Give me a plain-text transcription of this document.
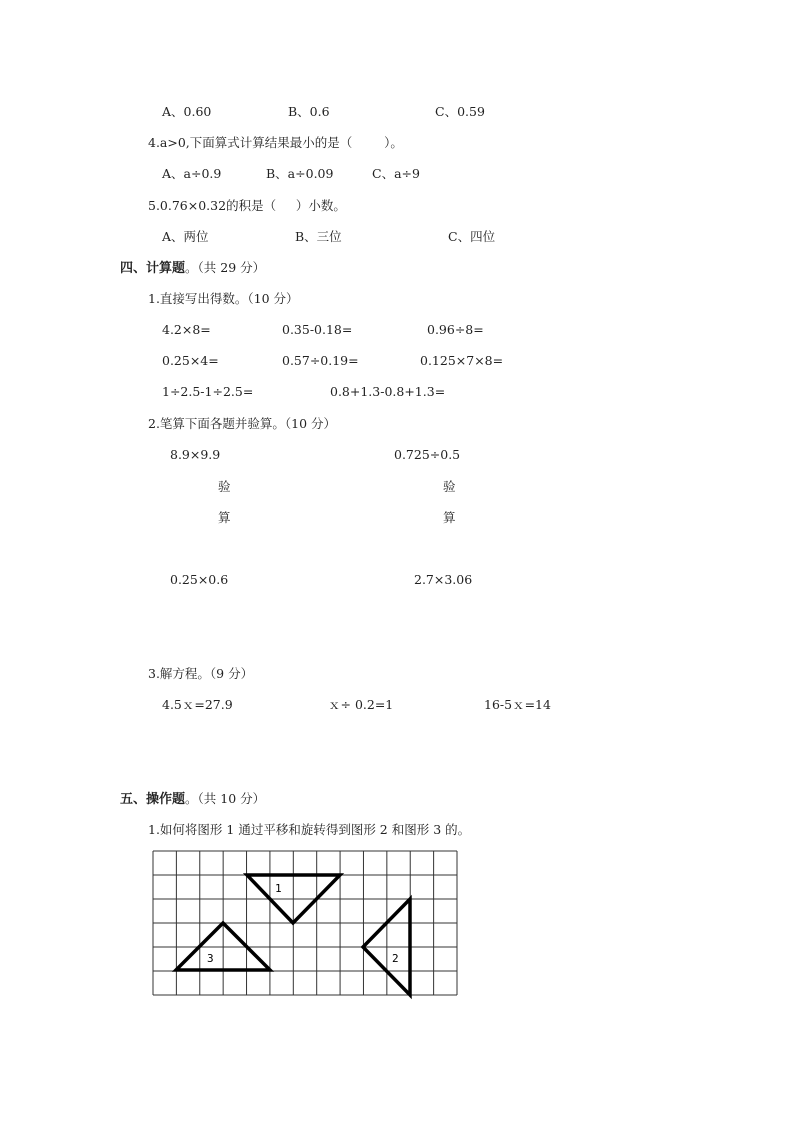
A、0.60	B、0.6	C、0.59
4.a>0,下面算式计算结果最小的是（        ）。
A、a÷0.9	B、a÷0.09	C、a÷9
5.0.76×0.32的积是（     ）小数。
A、两位	B、三位	C、四位
四、计算题。（共 29 分）
1.直接写出得数。（10 分）
4.2×8=	0.35-0.18=	0.96÷8=
0.25×4=	0.57÷0.19=	0.125×7×8=
1÷2.5-1÷2.5=	0.8+1.3-0.8+1.3=
2.笔算下面各题并验算。（10 分）
8.9×9.9	0.725÷0.5
验
算
验
算
0.25×0.6	2.7×3.06
3.解方程。（9 分）
4.5ｘ=27.9	ｘ÷ 0.2=1	16-5ｘ=14
五、操作题。（共 10 分）
1.如何将图形 1 通过平移和旋转得到图形 2 和图形 3 的。
1
2
3
